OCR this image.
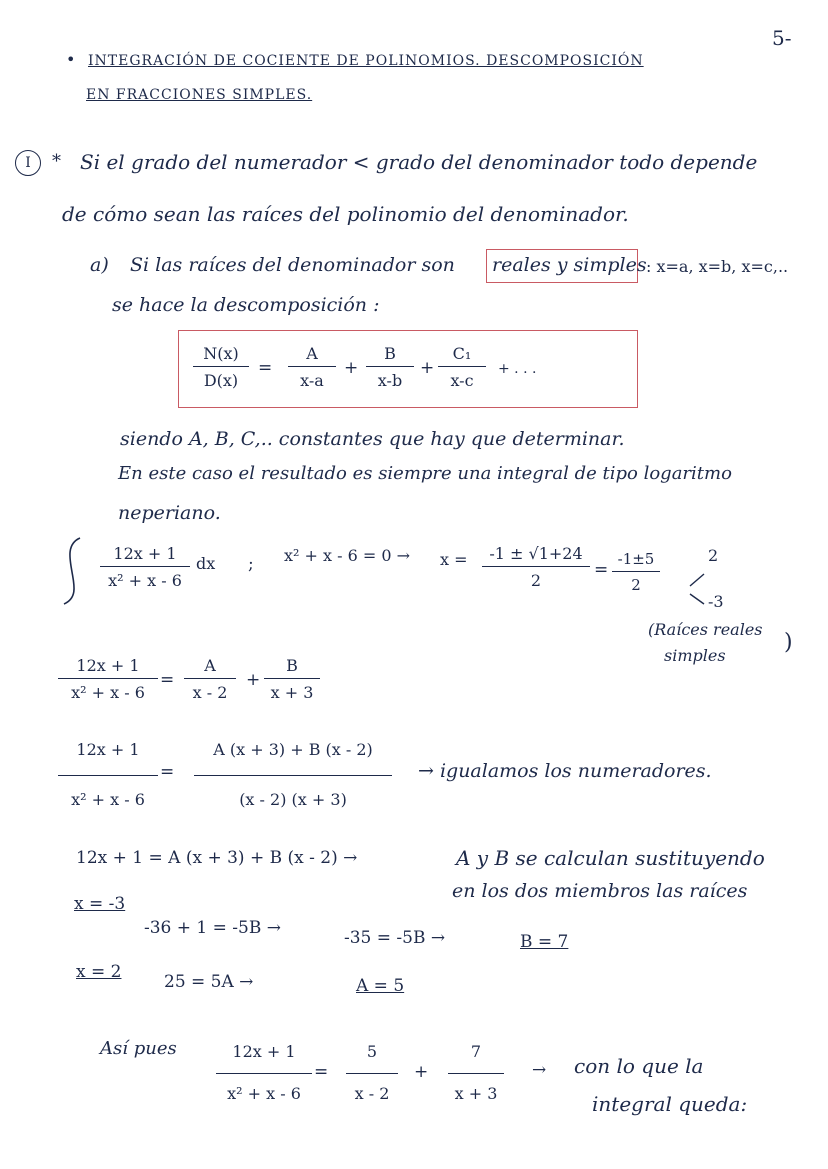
5-
• INTEGRACIÓN DE COCIENTE DE POLINOMIOS. DESCOMPOSICIÓN
EN FRACCIONES SIMPLES.
I	* Si el grado del numerador < grado del denominador todo depende
de cómo sean las raíces del polinomio del denominador.
a) Si las raíces del denominador son reales y simples : x=a, x=b, x=c,..
se hace la descomposición :
$\frac{N(x)}{D(x)} = \frac{A}{x-a} + \frac{B}{x-b} + \frac{\text{C₁}}{x-c}$ + . . .
siendo A, B, C,.. constantes que hay que determinar.
En este caso el resultado es siempre una integral de tipo logaritmo
neperiano.
$\frac{12x + 1}{\text{x² + x - 6}}$ dx ; $x^2 + x - 6 = 0 \to x = \frac{-1 \pm √1+24}{2} = \frac{-1\pm 5}{2}$	2
-3
(Raíces reales
simples
)
$\frac{12x + 1}{\text{x² + x - 6}} = \frac{A}{x - 2} + \frac{B}{x + 3}$
$\frac{12x + 1}{\text{x² + x - 6}} = \frac{A (x + 3) + B (x - 2)}{(x - 2) (x + 3)}$ → igualamos los numeradores.
12x + 1 = A (x + 3) + B (x - 2) →	A y B se calculan sustituyendo
en los dos miembros las raíces
x = -3
-36 + 1 = -5B →	-35 = -5B →	B = 7
x = 2	25 = 5A →	A = 5
Así pues $\frac{12x + 1}{\text{x² + x - 6}} = \frac{5}{x - 2} + \frac{7}{x + 3}$ → con lo que la
integral queda:
